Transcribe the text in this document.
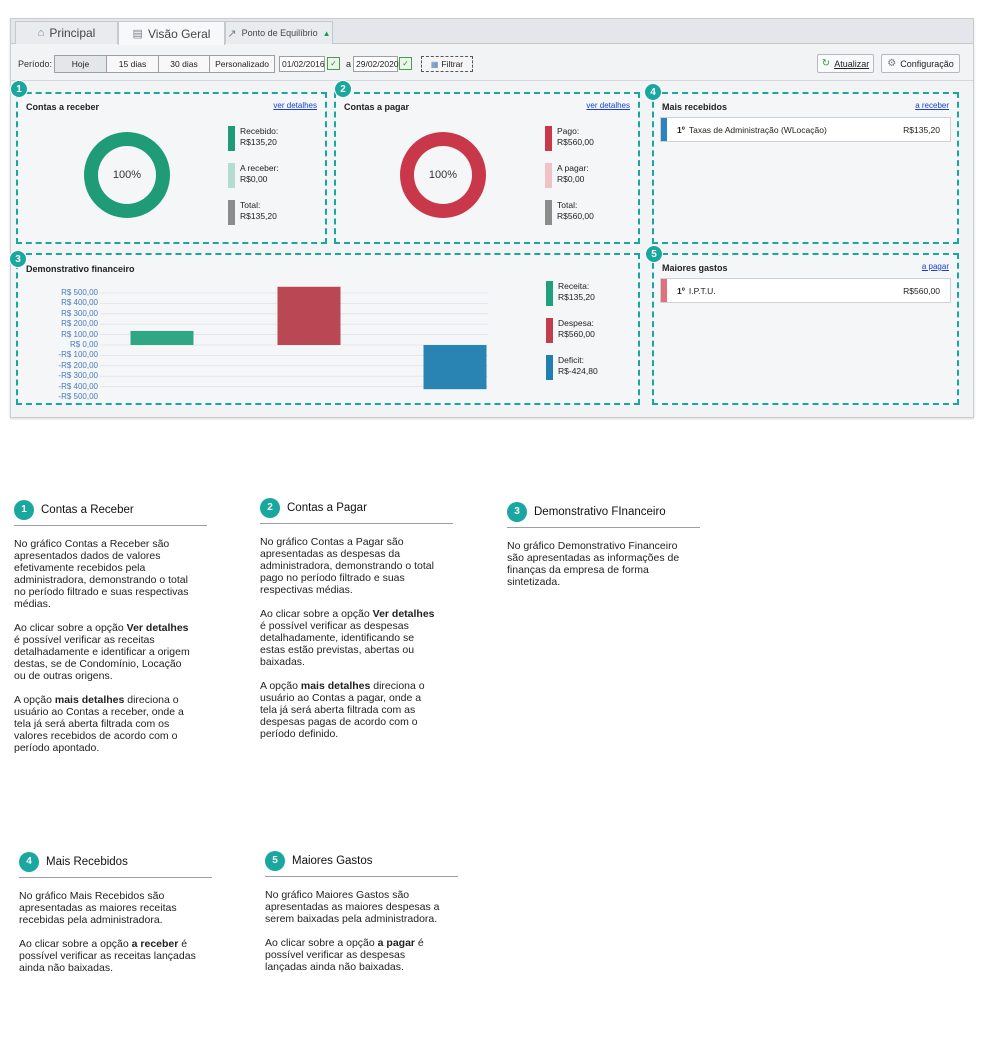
⌂ Principal	▤ Visão Geral ↗ Ponto de Equilíbrio ▲
Período:	Hoje	15 dias	30 dias	Personalizado	01/02/2016 ✓	a 29/02/2020 ✓	▦ Filtrar	↻ Atualizar ⚙ Configuração
Contas a receber	ver detalhes
100%
Recebido:
R$135,20
A receber:
R$0,00
Total:
R$135,20
1
Contas a pagar	ver detalhes
100%
Pago:
R$560,00
A pagar:
R$0,00
Total:
R$560,00
2
Mais recebidos	a receber
1º Taxas de Administração (WLocação)	R$135,20
4
Demonstrativo financeiro
R$ 500,00
R$ 400,00
R$ 300,00
R$ 200,00
R$ 100,00
R$ 0,00
-R$ 100,00
-R$ 200,00
-R$ 300,00
-R$ 400,00
-R$ 500,00
Receita:
R$135,20
Despesa:
R$560,00
Deficit:
R$-424,80
3
Maiores gastos	a pagar
1º I.P.T.U.	R$560,00
5
1	Contas a Receber

No gráfico Contas a Receber são apresentados dados de valores efetivamente recebidos pela administradora, demonstrando o total no período filtrado e suas respectivas médias.

Ao clicar sobre a opção Ver detalhes é possível verificar as receitas detalhadamente e identificar a origem destas, se de Condomínio, Locação ou de outras origens.

A opção mais detalhes direciona o usuário ao Contas a receber, onde a tela já será aberta filtrada com os valores recebidos de acordo com o período apontado.

2	Contas a Pagar

No gráfico Contas a Pagar são apresentadas as despesas da administradora, demonstrando o total pago no período filtrado e suas respectivas médias.

Ao clicar sobre a opção Ver detalhes é possível verificar as despesas detalhadamente, identificando se estas estão previstas, abertas ou baixadas.

A opção mais detalhes direciona o usuário ao Contas a pagar, onde a tela já será aberta filtrada com as despesas pagas de acordo com o período definido.

3	Demonstrativo FInanceiro

No gráfico Demonstrativo Financeiro são apresentadas as informações de finanças da empresa de forma sintetizada.

4	Mais Recebidos

No gráfico Mais Recebidos são apresentadas as maiores receitas recebidas pela administradora.

Ao clicar sobre a opção a receber é possível verificar as receitas lançadas ainda não baixadas.

5	Maiores Gastos

No gráfico Maiores Gastos são apresentadas as maiores despesas a serem baixadas pela administradora.

Ao clicar sobre a opção a pagar é possível verificar as despesas lançadas ainda não baixadas.
